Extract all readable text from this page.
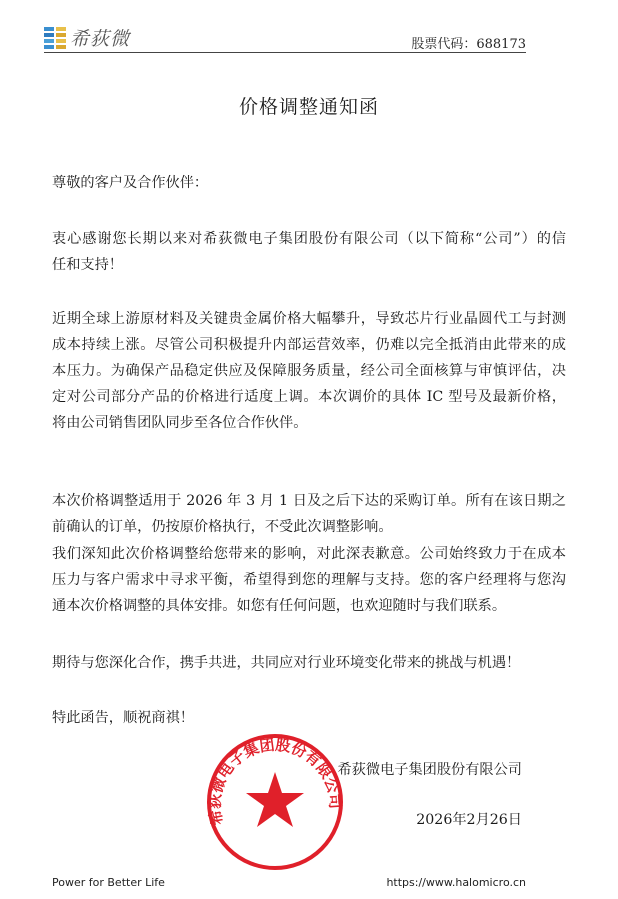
希荻微	股票代码：688173
价格调整通知函
尊敬的客户及合作伙伴：
衷心感谢您长期以来对希荻微电子集团股份有限公司（以下简称“公司”）的信
任和支持！
近期全球上游原材料及关键贵金属价格大幅攀升，导致芯片行业晶圆代工与封测
成本持续上涨。尽管公司积极提升内部运营效率，仍难以完全抵消由此带来的成
本压力。为确保产品稳定供应及保障服务质量，经公司全面核算与审慎评估，决
定对公司部分产品的价格进行适度上调。本次调价的具体 IC 型号及最新价格，
将由公司销售团队同步至各位合作伙伴。
本次价格调整适用于 2026 年 3 月 1 日及之后下达的采购订单。所有在该日期之
前确认的订单，仍按原价格执行，不受此次调整影响。
我们深知此次价格调整给您带来的影响，对此深表歉意。公司始终致力于在成本
压力与客户需求中寻求平衡，希望得到您的理解与支持。您的客户经理将与您沟
通本次价格调整的具体安排。如您有任何问题，也欢迎随时与我们联系。
期待与您深化合作，携手共进，共同应对行业环境变化带来的挑战与机遇！
特此函告，顺祝商祺！
希荻微电子集团股份有限公司
2026年2月26日
希荻微电子集团股份有限公司
Power for Better Life	https://www.halomicro.cn
